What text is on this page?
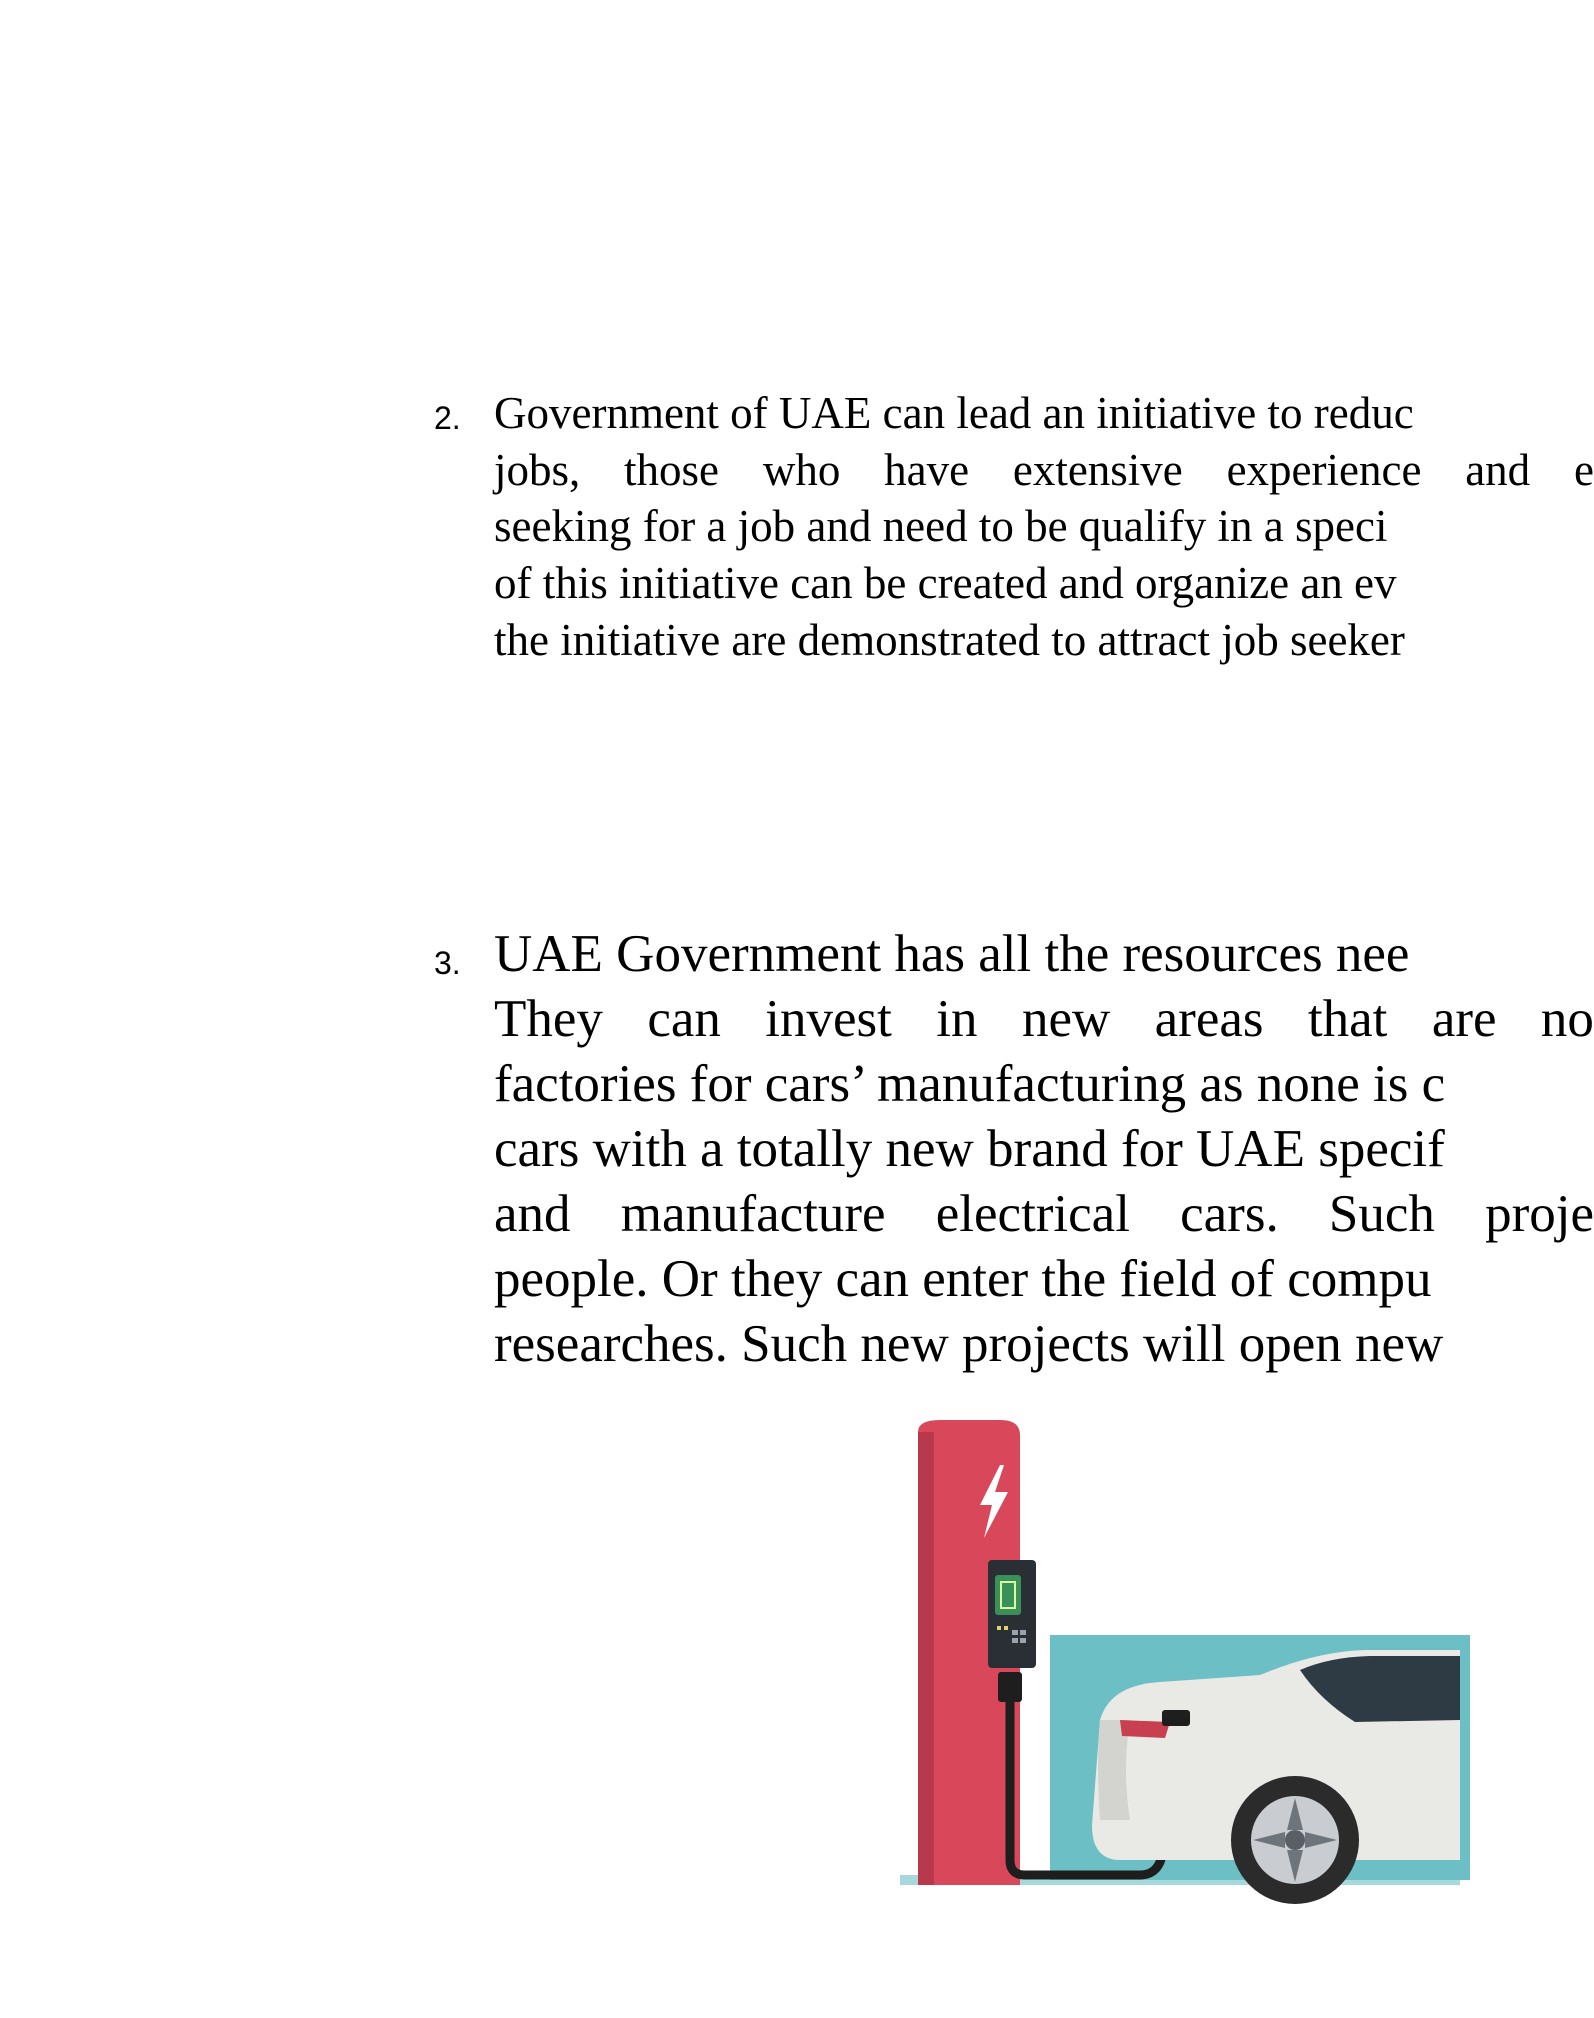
2. Government of UAE can lead an initiative to reduc
jobs, those who have extensive experience and e
seeking for a job and need to be qualify in a speci
of this initiative can be created and organize an ev
the initiative are demonstrated to attract job seeker
3. UAE Government has all the resources nee
They can invest in new areas that are no
factories for cars’ manufacturing as none is c
cars with a totally new brand for UAE specif
and manufacture electrical cars. Such proje
people. Or they can enter the field of compu
researches. Such new projects will open new
